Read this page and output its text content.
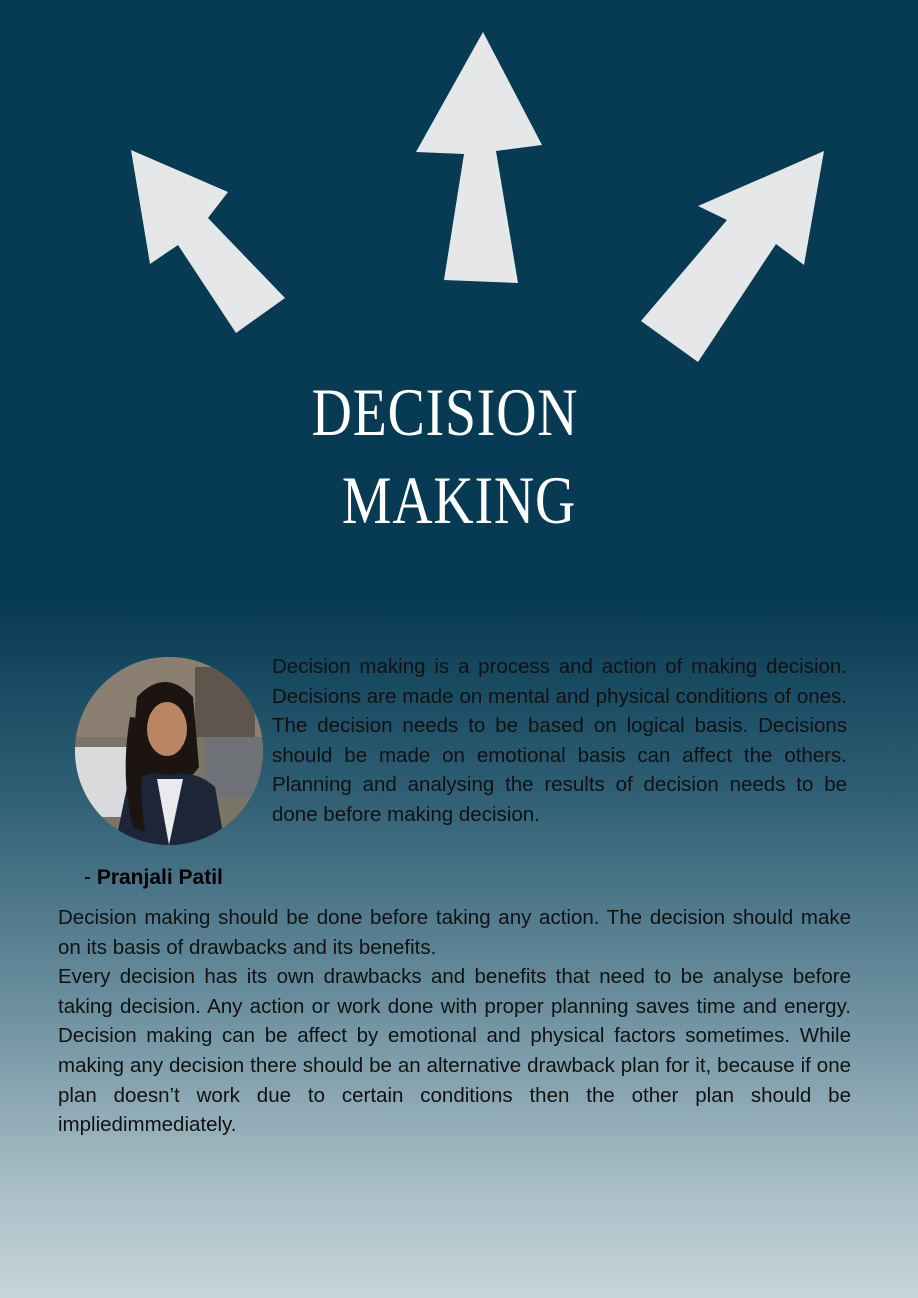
DECISION
MAKING
Decision making is a process and action of making decision. Decisions are made on mental and physical conditions of ones. The decision needs to be based on logical basis. Decisions should be made on emotional basis can affect the others. Planning and analysing the results of decision needs to be done before making decision.
- Pranjali Patil

Decision making should be done before taking any action. The decision should make on its basis of drawbacks and its benefits.

Every decision has its own drawbacks and benefits that need to be analyse before taking decision. Any action or work done with proper planning saves time and energy. Decision making can be affect by emotional and physical factors sometimes. While making any decision there should be an alternative drawback plan for it, because if one plan doesn’t work due to certain conditions then the other plan should be impliedimmediately.
